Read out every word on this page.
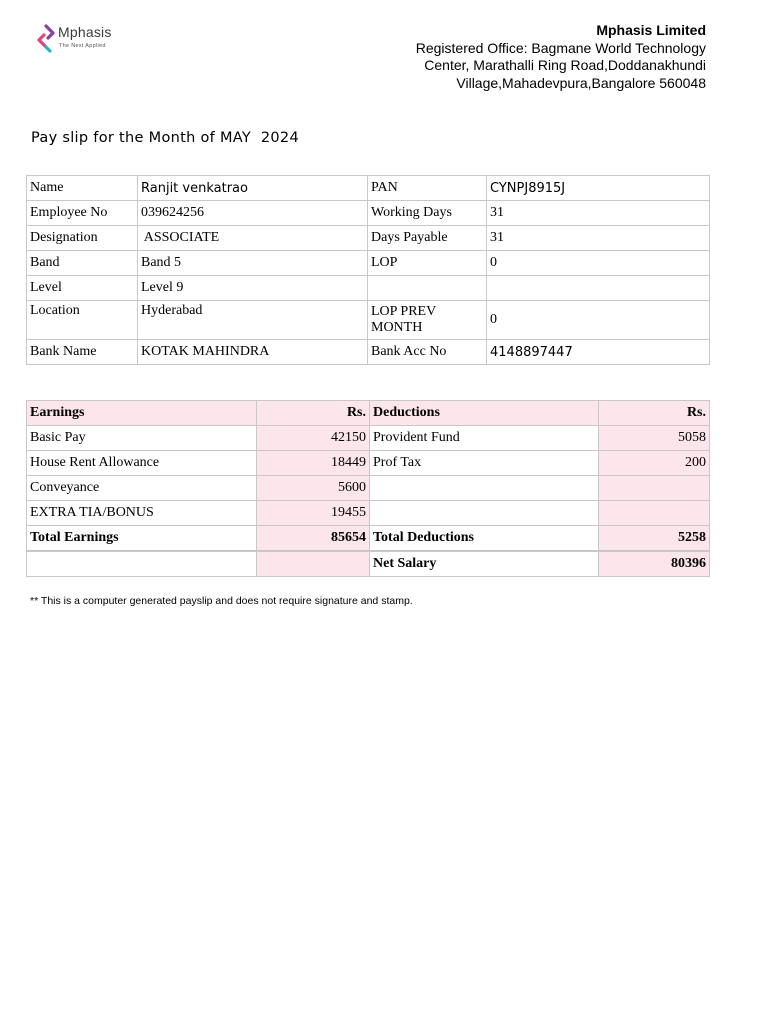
Mphasis
The Next Applied
Mphasis Limited
Registered Office: Bagmane World Technology
Center, Marathalli Ring Road,Doddanakhundi
Village,Mahadevpura,Bangalore 560048
Pay slip for the Month of MAY  2024
Name	Ranjit venkatrao	PAN	CYNPJ8915J
Employee No	039624256	Working Days	31
Designation	ASSOCIATE	Days Payable	31
Band	Band 5	LOP	0
Level	Level 9		
Location	Hyderabad	LOP PREV MONTH	0
Bank Name	KOTAK MAHINDRA	Bank Acc No	4148897447
Earnings	Rs.	Deductions	Rs.
Basic Pay	42150	Provident Fund	5058
House Rent Allowance	18449	Prof Tax	200
Conveyance	5600		
EXTRA TIA/BONUS	19455		
Total Earnings	85654	Total Deductions	5258
		Net Salary	80396
** This is a computer generated payslip and does not require signature and stamp.
